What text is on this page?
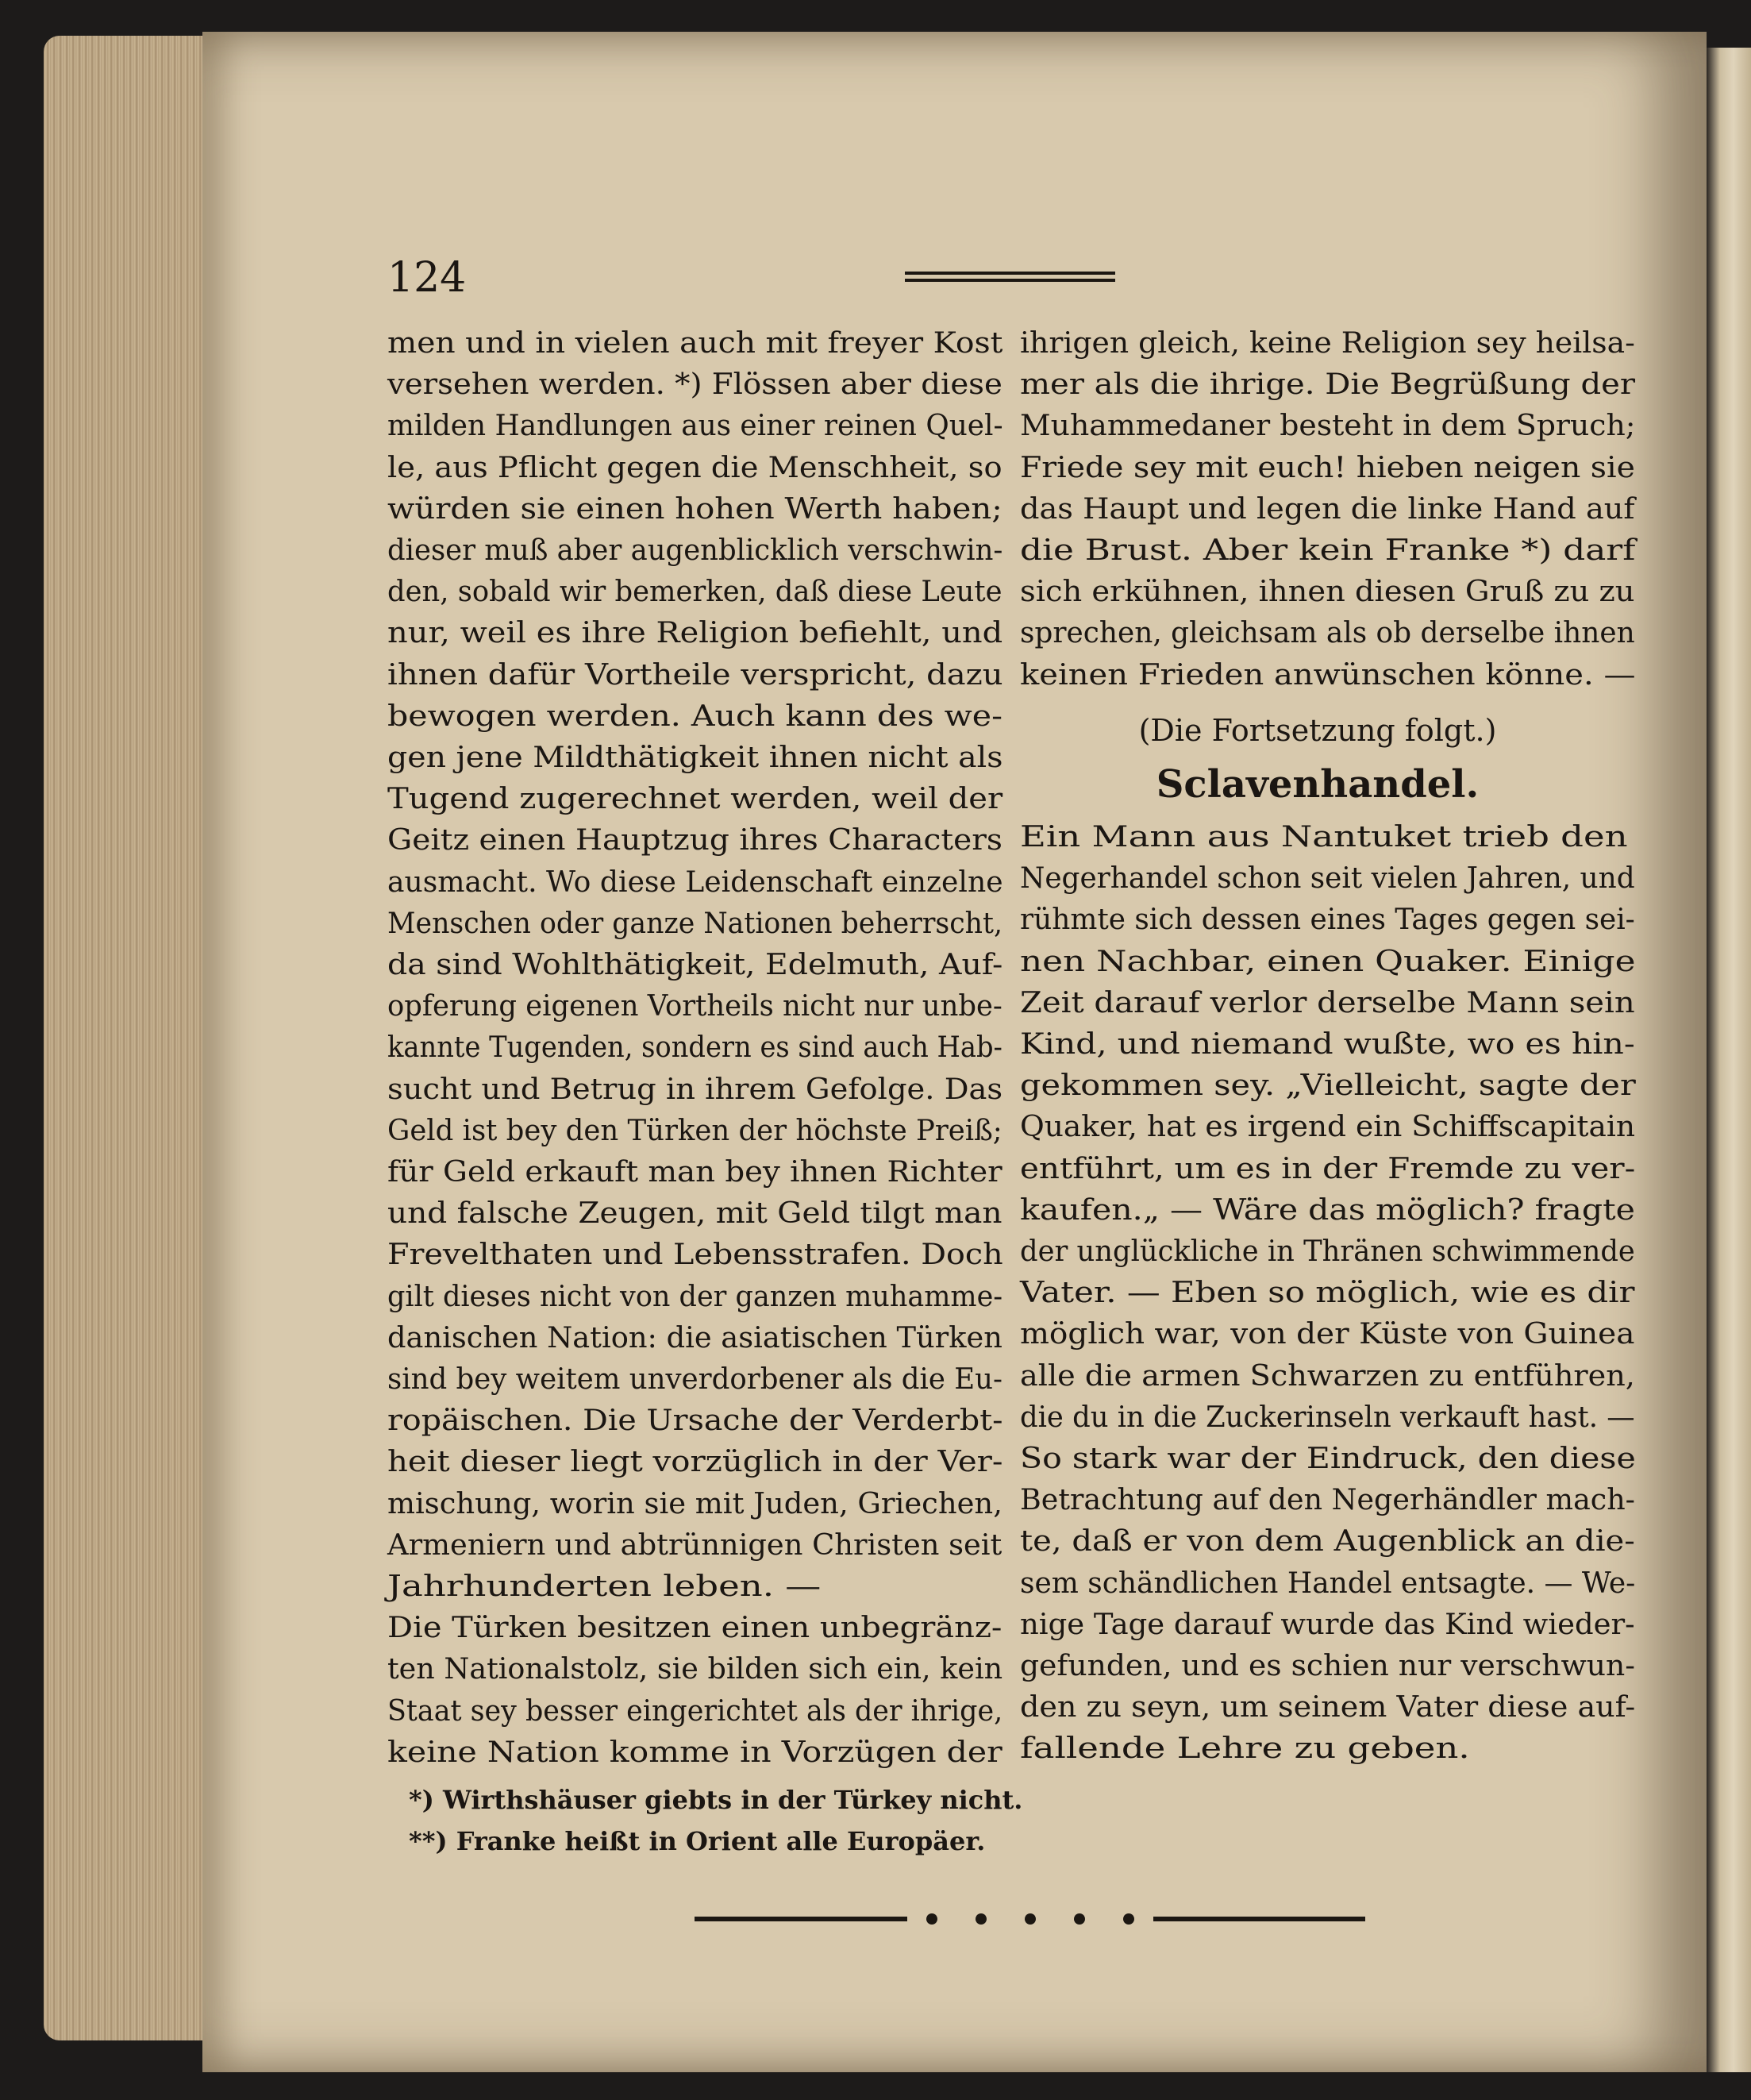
124
men und in vielen auch mit freyer Kost
versehen werden. *) Flössen aber diese
milden Handlungen aus einer reinen Quel-
le, aus Pflicht gegen die Menschheit, so
würden sie einen hohen Werth haben;
dieser muß aber augenblicklich verschwin-
den, sobald wir bemerken, daß diese Leute
nur, weil es ihre Religion befiehlt, und
ihnen dafür Vortheile verspricht, dazu
bewogen werden. Auch kann des we-
gen jene Mildthätigkeit ihnen nicht als
Tugend zugerechnet werden, weil der
Geitz einen Hauptzug ihres Characters
ausmacht. Wo diese Leidenschaft einzelne
Menschen oder ganze Nationen beherrscht,
da sind Wohlthätigkeit, Edelmuth, Auf-
opferung eigenen Vortheils nicht nur unbe-
kannte Tugenden, sondern es sind auch Hab-
sucht und Betrug in ihrem Gefolge. Das
Geld ist bey den Türken der höchste Preiß;
für Geld erkauft man bey ihnen Richter
und falsche Zeugen, mit Geld tilgt man
Frevelthaten und Lebensstrafen. Doch
gilt dieses nicht von der ganzen muhamme-
danischen Nation: die asiatischen Türken
sind bey weitem unverdorbener als die Eu-
ropäischen. Die Ursache der Verderbt-
heit dieser liegt vorzüglich in der Ver-
mischung, worin sie mit Juden, Griechen,
Armeniern und abtrünnigen Christen seit
Jahrhunderten leben. —
Die Türken besitzen einen unbegränz-
ten Nationalstolz, sie bilden sich ein, kein
Staat sey besser eingerichtet als der ihrige,
keine Nation komme in Vorzügen der
ihrigen gleich, keine Religion sey heilsa-
mer als die ihrige. Die Begrüßung der
Muhammedaner besteht in dem Spruch;
Friede sey mit euch! hieben neigen sie
das Haupt und legen die linke Hand auf
die Brust. Aber kein Franke *) darf
sich erkühnen, ihnen diesen Gruß zu zu
sprechen, gleichsam als ob derselbe ihnen
keinen Frieden anwünschen könne. —
(Die Fortsetzung folgt.)
Sclavenhandel.
Ein Mann aus Nantuket trieb den
Negerhandel schon seit vielen Jahren, und
rühmte sich dessen eines Tages gegen sei-
nen Nachbar, einen Quaker. Einige
Zeit darauf verlor derselbe Mann sein
Kind, und niemand wußte, wo es hin-
gekommen sey. „Vielleicht, sagte der
Quaker, hat es irgend ein Schiffscapitain
entführt, um es in der Fremde zu ver-
kaufen.„ — Wäre das möglich? fragte
der unglückliche in Thränen schwimmende
Vater. — Eben so möglich, wie es dir
möglich war, von der Küste von Guinea
alle die armen Schwarzen zu entführen,
die du in die Zuckerinseln verkauft hast. —
So stark war der Eindruck, den diese
Betrachtung auf den Negerhändler mach-
te, daß er von dem Augenblick an die-
sem schändlichen Handel entsagte. — We-
nige Tage darauf wurde das Kind wieder-
gefunden, und es schien nur verschwun-
den zu seyn, um seinem Vater diese auf-
fallende Lehre zu geben.
*) Wirthshäuser giebts in der Türkey nicht.
**) Franke heißt in Orient alle Europäer.
